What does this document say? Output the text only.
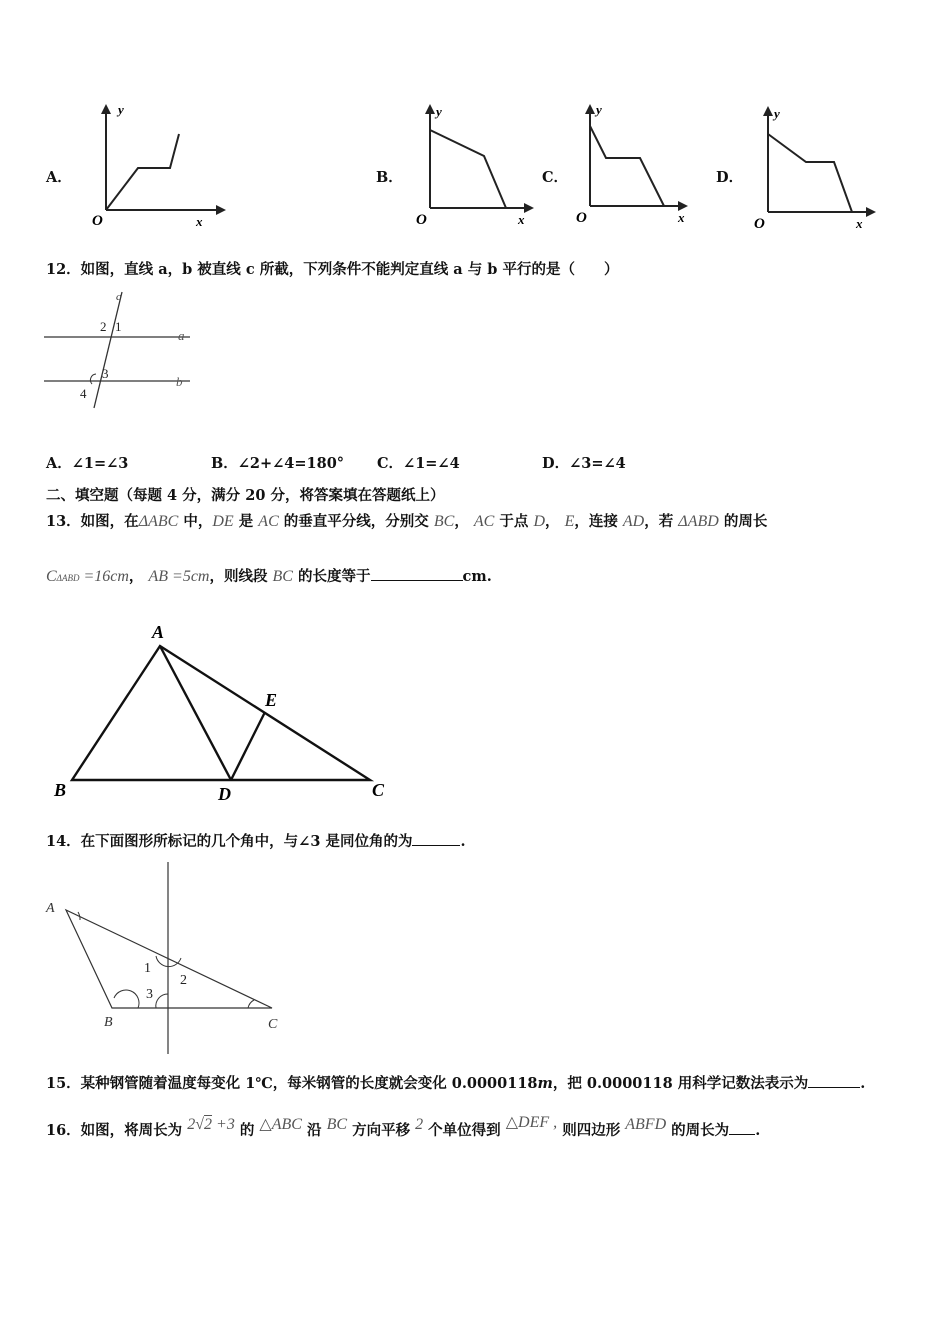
A．
y
O	x
B．
y
O	x
C．
y
O	x
D．
y
O	x
12．如图，直线 a，b 被直线 c 所截，下列条件不能判定直线 a 与 b 平行的是（　　）
c
a
b
2 1
3
4
A．∠1=∠3	B．∠2+∠4=180° C．∠1=∠4	D．∠3=∠4
二、填空题（每题 4 分，满分 20 分，将答案填在答题纸上）
13．如图，在ΔABC 中，DE 是 AC 的垂直平分线，分别交 BC， AC 于点 D， E，连接 AD，若 ΔABD 的周长
CΔABD =16cm， AB =5cm，则线段 BC 的长度等于	cm.
A
B	C
D
E
14．在下面图形所标记的几个角中，与∠3 是同位角的为	.
A
B	C
1
2
3
15．某种钢管随着温度每变化 1℃，每米钢管的长度就会变化 0.0000118m，把 0.0000118 用科学记数法表示为	.
16．如图，将周长为 2√2 +3 的 △ABC 沿 BC 方向平移 2 个单位得到 △DEF , 则四边形 ABFD 的周长为 .
